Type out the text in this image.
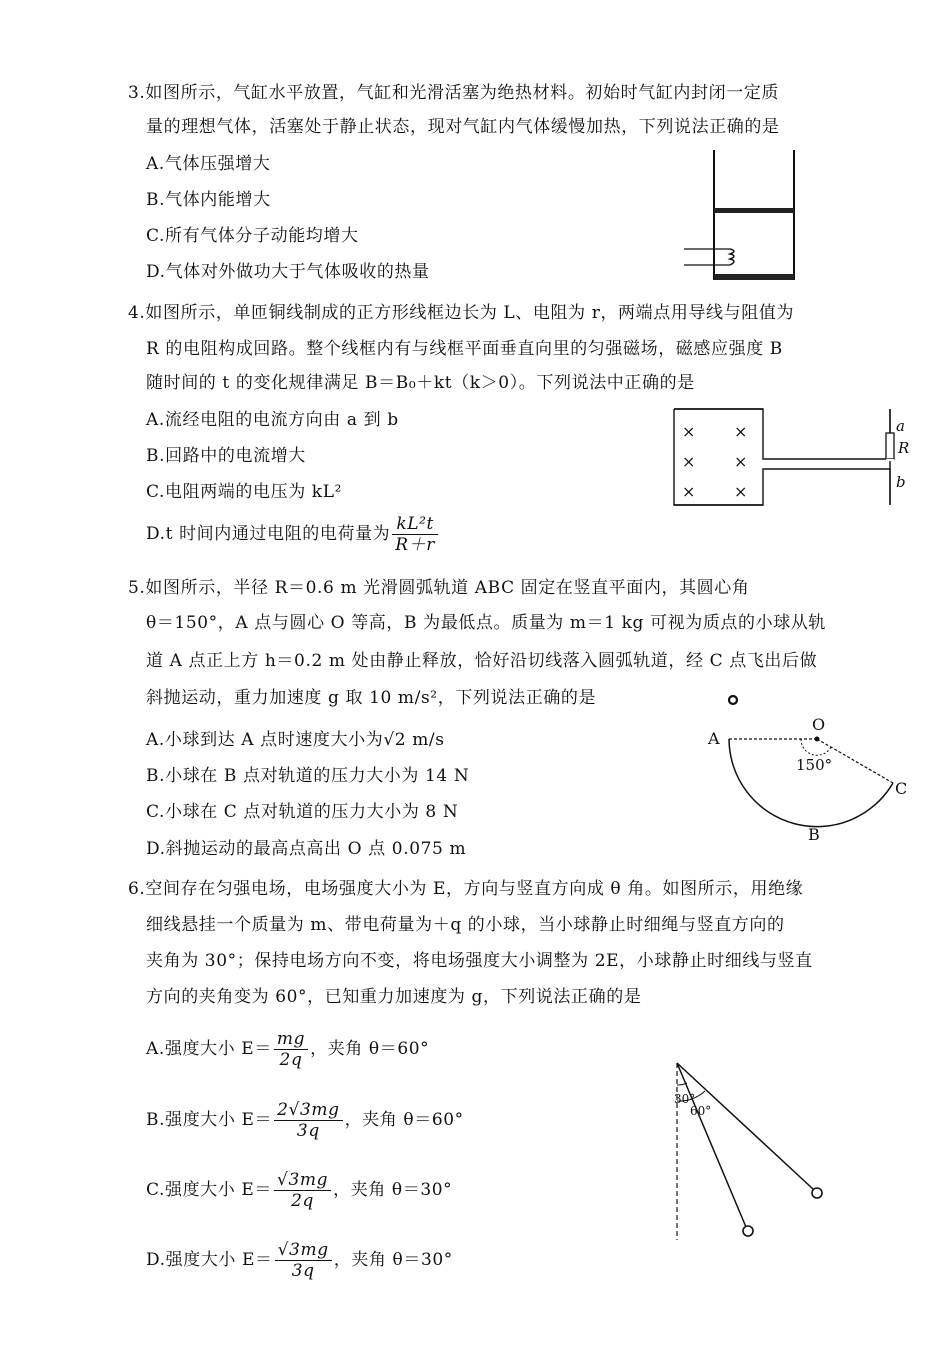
3.如图所示，气缸水平放置，气缸和光滑活塞为绝热材料。初始时气缸内封闭一定质
量的理想气体，活塞处于静止状态，现对气缸内气体缓慢加热，下列说法正确的是
A.气体压强增大
B.气体内能增大
C.所有气体分子动能均增大
D.气体对外做功大于气体吸收的热量
4.如图所示，单匝铜线制成的正方形线框边长为 L、电阻为 r，两端点用导线与阻值为
R 的电阻构成回路。整个线框内有与线框平面垂直向里的匀强磁场，磁感应强度 B
随时间的 t 的变化规律满足 B＝B₀＋kt（k＞0）。下列说法中正确的是
A.流经电阻的电流方向由 a 到 b
B.回路中的电流增大
C.电阻两端的电压为 kL²
D.t 时间内通过电阻的电荷量为 $\frac{\text{kL²t}}{R+r}$
× ×
× ×
× ×
a
R
b
5.如图所示，半径 R＝0.6 m 光滑圆弧轨道 ABC 固定在竖直平面内，其圆心角
θ＝150°，A 点与圆心 O 等高，B 为最低点。质量为 m＝1 kg 可视为质点的小球从轨
道 A 点正上方 h＝0.2 m 处由静止释放，恰好沿切线落入圆弧轨道，经 C 点飞出后做
斜抛运动，重力加速度 g 取 10 m/s²，下列说法正确的是
A.小球到达 A 点时速度大小为√2 m/s
B.小球在 B 点对轨道的压力大小为 14 N
C.小球在 C 点对轨道的压力大小为 8 N
D.斜抛运动的最高点高出 O 点 0.075 m
A
O
150°
C
B
6.空间存在匀强电场，电场强度大小为 E，方向与竖直方向成 θ 角。如图所示，用绝缘
细线悬挂一个质量为 m、带电荷量为＋q 的小球，当小球静止时细绳与竖直方向的
夹角为 30°；保持电场方向不变，将电场强度大小调整为 2E，小球静止时细线与竖直
方向的夹角变为 60°，已知重力加速度为 g，下列说法正确的是
A.强度大小 $E= \frac{mg}{2q}$ ，夹角 θ＝60°
B.强度大小 $E= \frac{2√3mg}{3q}$ ，夹角 θ＝60°
C.强度大小 $E= \frac{√3mg}{2q}$ ，夹角 θ＝30°
D.强度大小 $E= \frac{√3mg}{3q}$ ，夹角 θ＝30°
30°
60°
